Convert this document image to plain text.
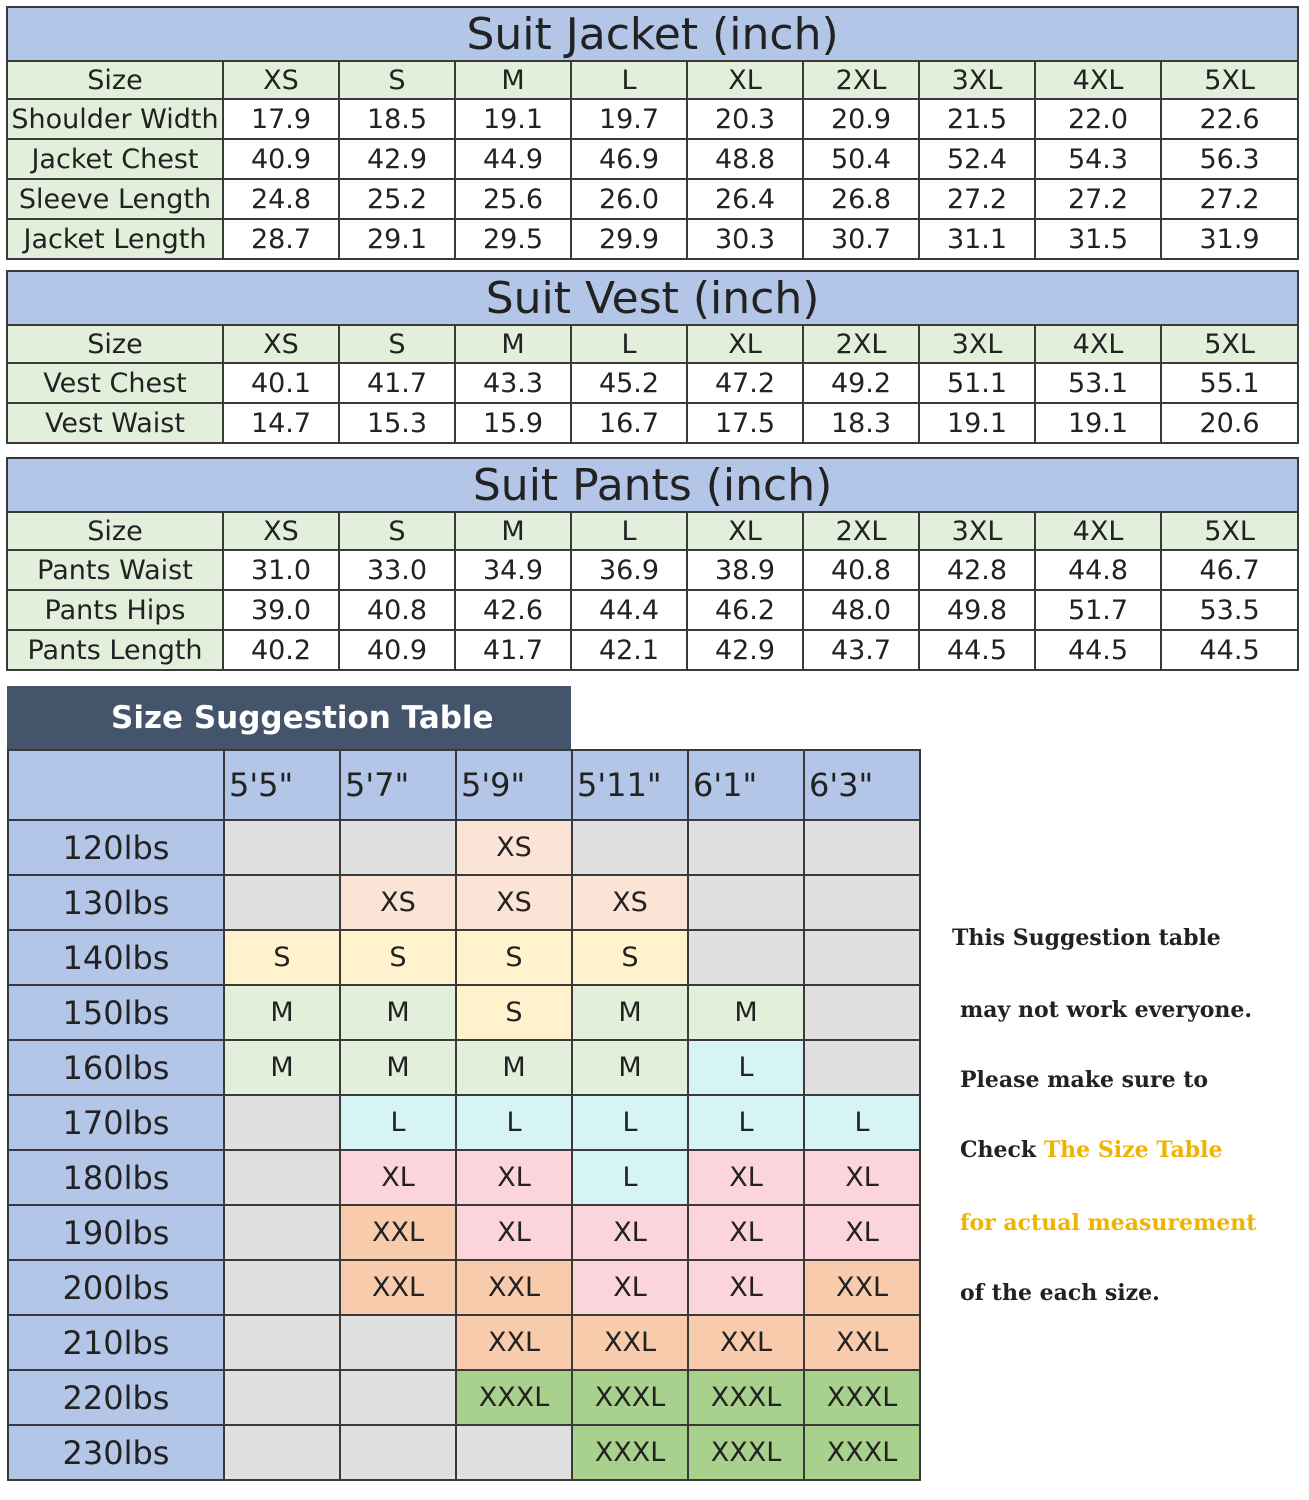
Suit Jacket (inch)									
Size	XS	S	M	L	XL	2XL	3XL	4XL	5XL
Shoulder Width	17.9	18.5	19.1	19.7	20.3	20.9	21.5	22.0	22.6
Jacket Chest	40.9	42.9	44.9	46.9	48.8	50.4	52.4	54.3	56.3
Sleeve Length	24.8	25.2	25.6	26.0	26.4	26.8	27.2	27.2	27.2
Jacket Length	28.7	29.1	29.5	29.9	30.3	30.7	31.1	31.5	31.9
Suit Vest (inch)									
Size	XS	S	M	L	XL	2XL	3XL	4XL	5XL
Vest Chest	40.1	41.7	43.3	45.2	47.2	49.2	51.1	53.1	55.1
Vest Waist	14.7	15.3	15.9	16.7	17.5	18.3	19.1	19.1	20.6
Suit Pants (inch)									
Size	XS	S	M	L	XL	2XL	3XL	4XL	5XL
Pants Waist	31.0	33.0	34.9	36.9	38.9	40.8	42.8	44.8	46.7
Pants Hips	39.0	40.8	42.6	44.4	46.2	48.0	49.8	51.7	53.5
Pants Length	40.2	40.9	41.7	42.1	42.9	43.7	44.5	44.5	44.5
Size Suggestion Table
	5'5"	5'7"	5'9"	5'11"	6'1"	6'3"
120lbs			XS			
130lbs		XS	XS	XS		
140lbs	S	S	S	S		
150lbs	M	M	S	M	M	
160lbs	M	M	M	M	L	
170lbs		L	L	L	L	L
180lbs		XL	XL	L	XL	XL
190lbs		XXL	XL	XL	XL	XL
200lbs		XXL	XXL	XL	XL	XXL
210lbs			XXL	XXL	XXL	XXL
220lbs			XXXL	XXXL	XXXL	XXXL
230lbs				XXXL	XXXL	XXXL
This Suggestion table
may not work everyone.
Please make sure to
Check The Size Table
for actual measurement
of the each size.
